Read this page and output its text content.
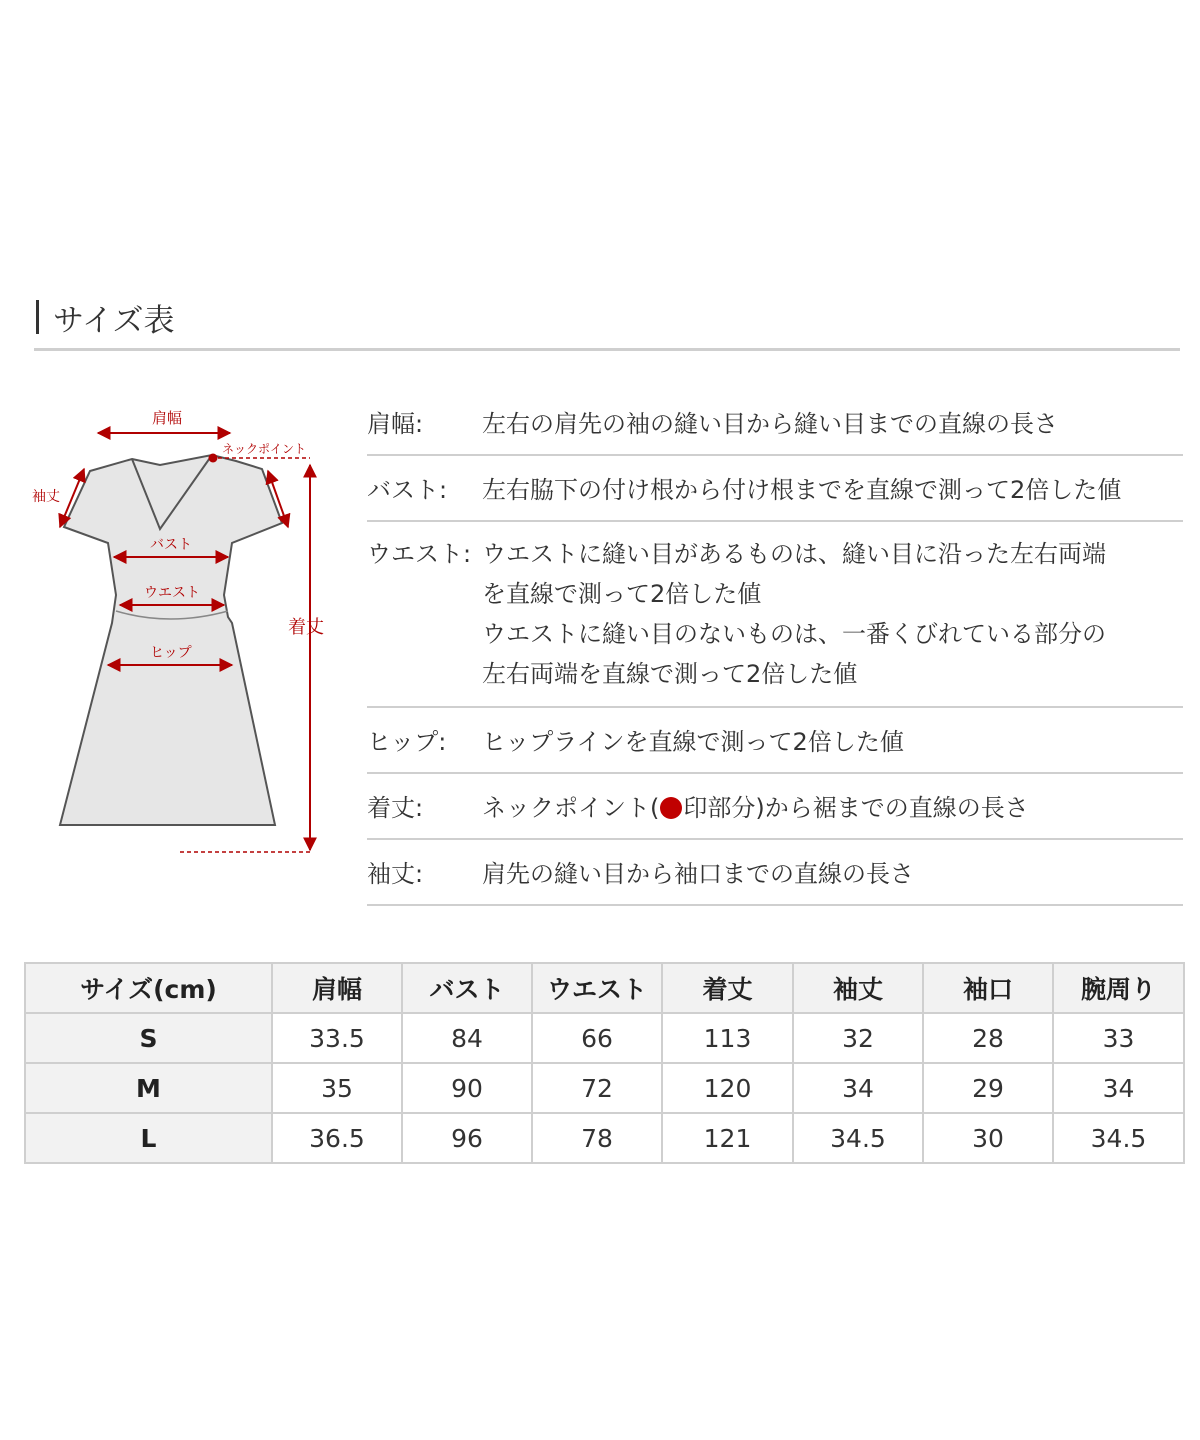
サイズ表
肩幅
ネックポイント
袖丈
バスト
ウエスト
ヒップ
着丈
肩幅:	左右の肩先の袖の縫い目から縫い目までの直線の長さ
バスト:	左右脇下の付け根から付け根までを直線で測って2倍した値
ウエスト: ウエストに縫い目があるものは、縫い目に沿った左右両端
を直線で測って2倍した値
ウエストに縫い目のないものは、一番くびれている部分の
左右両端を直線で測って2倍した値
ヒップ:	ヒップラインを直線で測って2倍した値
着丈:	ネックポイント( 印部分)から裾までの直線の長さ
袖丈:	肩先の縫い目から袖口までの直線の長さ
サイズ(cm)	肩幅	バスト	ウエスト	着丈	袖丈	袖口	腕周り
S	33.5	84	66	113	32	28	33
M	35	90	72	120	34	29	34
L	36.5	96	78	121	34.5	30	34.5
